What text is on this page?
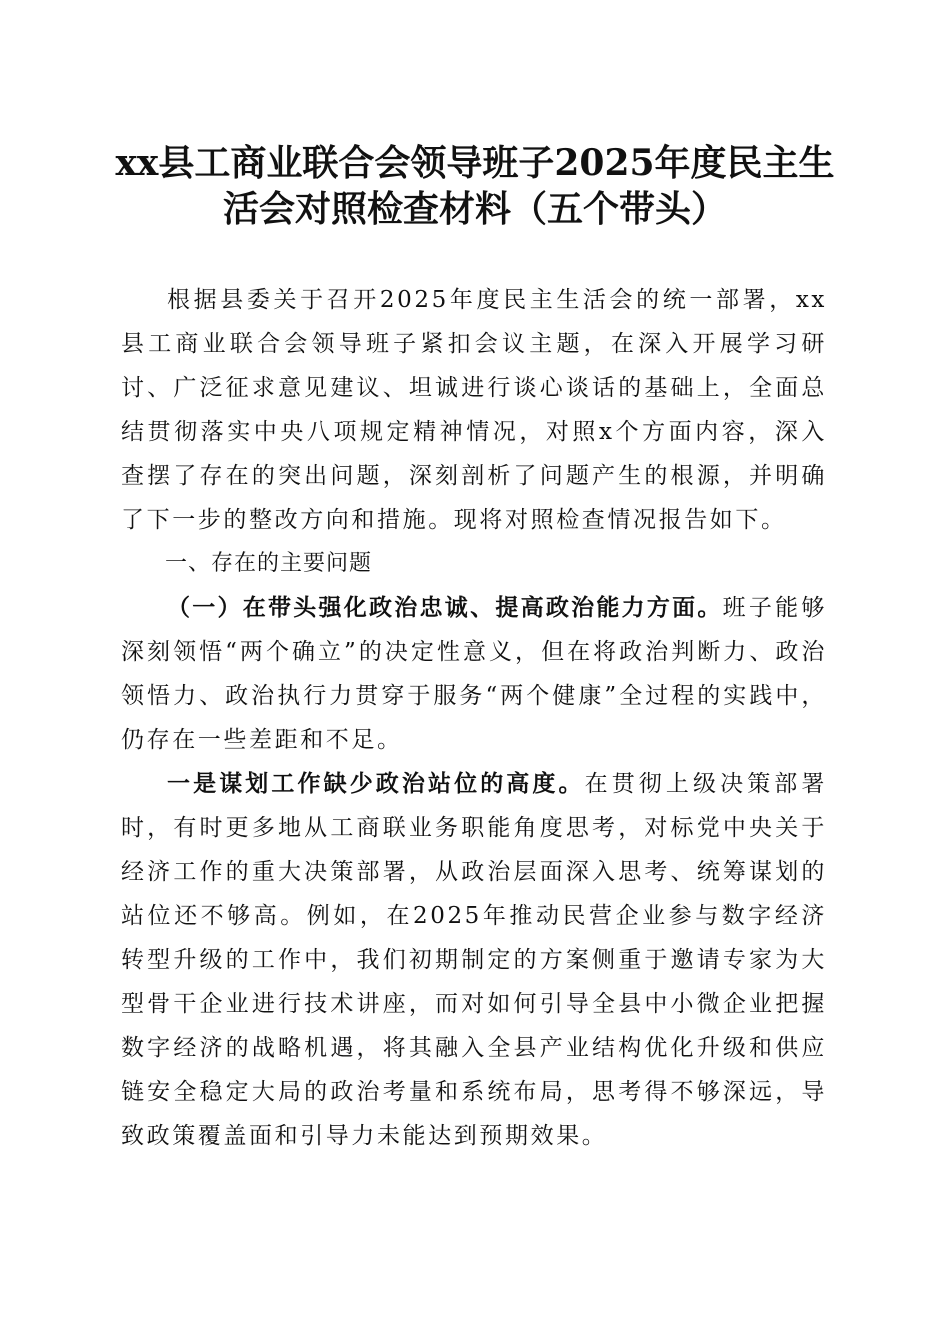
xx县工商业联合会领导班子2025年度民主生
活会对照检查材料（五个带头）

根据县委关于召开2025年度民主生活会的统一部署，xx县工商业联合会领导班子紧扣会议主题，在深入开展学习研讨、广泛征求意见建议、坦诚进行谈心谈话的基础上，全面总结贯彻落实中央八项规定精神情况，对照x个方面内容，深入查摆了存在的突出问题，深刻剖析了问题产生的根源，并明确了下一步的整改方向和措施。现将对照检查情况报告如下。

一、存在的主要问题

（一）在带头强化政治忠诚、提高政治能力方面。班子能够深刻领悟“两个确立”的决定性意义，但在将政治判断力、政治领悟力、政治执行力贯穿于服务“两个健康”全过程的实践中，仍存在一些差距和不足。

一是谋划工作缺少政治站位的高度。在贯彻上级决策部署时，有时更多地从工商联业务职能角度思考，对标党中央关于经济工作的重大决策部署，从政治层面深入思考、统筹谋划的站位还不够高。例如，在2025年推动民营企业参与数字经济转型升级的工作中，我们初期制定的方案侧重于邀请专家为大型骨干企业进行技术讲座，而对如何引导全县中小微企业把握数字经济的战略机遇，将其融入全县产业结构优化升级和供应链安全稳定大局的政治考量和系统布局，思考得不够深远，导致政策覆盖面和引导力未能达到预期效果。
